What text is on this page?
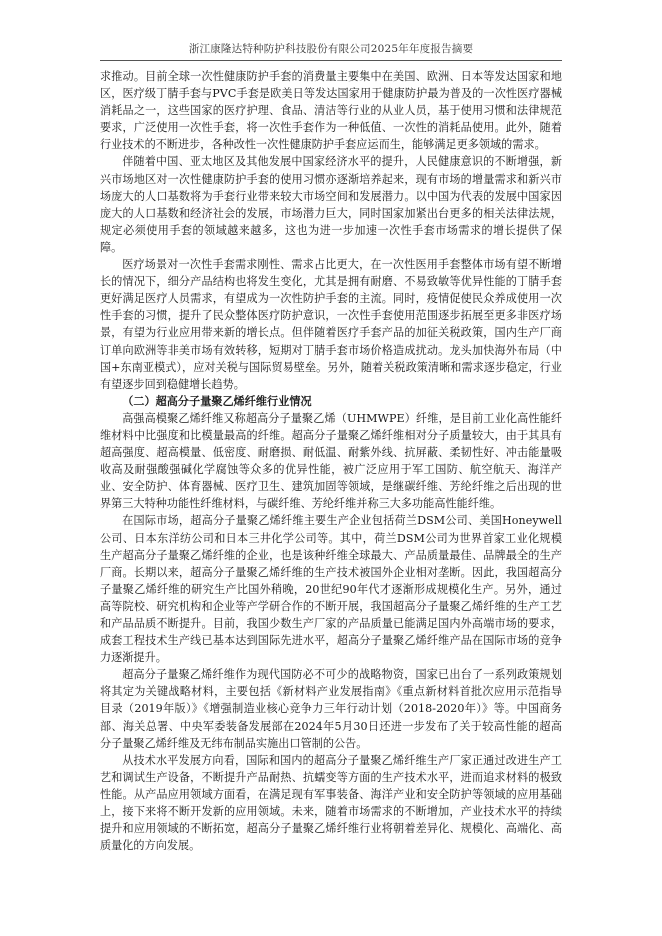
浙江康隆达特种防护科技股份有限公司2025年年度报告摘要

求推动。目前全球一次性健康防护手套的消费量主要集中在美国、欧洲、日本等发达国家和地区，医疗级丁腈手套与PVC手套是欧美日等发达国家用于健康防护最为普及的一次性医疗器械消耗品之一，这些国家的医疗护理、食品、清洁等行业的从业人员，基于使用习惯和法律规范要求，广泛使用一次性手套，将一次性手套作为一种低值、一次性的消耗品使用。此外，随着行业技术的不断进步，各种改性一次性健康防护手套应运而生，能够满足更多领域的需求。

伴随着中国、亚太地区及其他发展中国家经济水平的提升，人民健康意识的不断增强，新兴市场地区对一次性健康防护手套的使用习惯亦逐渐培养起来，现有市场的增量需求和新兴市场庞大的人口基数将为手套行业带来较大市场空间和发展潜力。以中国为代表的发展中国家因庞大的人口基数和经济社会的发展，市场潜力巨大，同时国家加紧出台更多的相关法律法规，规定必须使用手套的领域越来越多，这也为进一步加速一次性手套市场需求的增长提供了保障。

医疗场景对一次性手套需求刚性、需求占比更大，在一次性医用手套整体市场有望不断增长的情况下，细分产品结构也将发生变化，尤其是拥有耐磨、不易致敏等优异性能的丁腈手套更好满足医疗人员需求，有望成为一次性防护手套的主流。同时，疫情促使民众养成使用一次性手套的习惯，提升了民众整体医疗防护意识，一次性手套使用范围逐步拓展至更多非医疗场景，有望为行业应用带来新的增长点。但伴随着医疗手套产品的加征关税政策，国内生产厂商订单向欧洲等非美市场有效转移，短期对丁腈手套市场价格造成扰动。龙头加快海外布局（中国+东南亚模式），应对关税与国际贸易壁垒。另外，随着关税政策清晰和需求逐步稳定，行业有望逐步回到稳健增长趋势。

（二）超高分子量聚乙烯纤维行业情况

高强高模聚乙烯纤维又称超高分子量聚乙烯（UHMWPE）纤维，是目前工业化高性能纤维材料中比强度和比模量最高的纤维。超高分子量聚乙烯纤维相对分子质量较大，由于其具有超高强度、超高模量、低密度、耐磨损、耐低温、耐紫外线、抗屏蔽、柔韧性好、冲击能量吸收高及耐强酸强碱化学腐蚀等众多的优异性能，被广泛应用于军工国防、航空航天、海洋产业、安全防护、体育器械、医疗卫生、建筑加固等领域，是继碳纤维、芳纶纤维之后出现的世界第三大特种功能性纤维材料，与碳纤维、芳纶纤维并称三大多功能高性能纤维。

在国际市场，超高分子量聚乙烯纤维主要生产企业包括荷兰DSM公司、美国Honeywell公司、日本东洋纺公司和日本三井化学公司等。其中，荷兰DSM公司为世界首家工业化规模生产超高分子量聚乙烯纤维的企业，也是该种纤维全球最大、产品质量最佳、品牌最全的生产厂商。长期以来，超高分子量聚乙烯纤维的生产技术被国外企业相对垄断。因此，我国超高分子量聚乙烯纤维的研究生产比国外稍晚，20世纪90年代才逐渐形成规模化生产。另外，通过高等院校、研究机构和企业等产学研合作的不断开展，我国超高分子量聚乙烯纤维的生产工艺和产品品质不断提升。目前，我国少数生产厂家的产品质量已能满足国内外高端市场的要求，成套工程技术生产线已基本达到国际先进水平，超高分子量聚乙烯纤维产品在国际市场的竞争力逐渐提升。

超高分子量聚乙烯纤维作为现代国防必不可少的战略物资，国家已出台了一系列政策规划将其定为关键战略材料，主要包括《新材料产业发展指南》《重点新材料首批次应用示范指导目录（2019年版）》《增强制造业核心竞争力三年行动计划（2018-2020年）》等。中国商务部、海关总署、中央军委装备发展部在2024年5月30日还进一步发布了关于较高性能的超高分子量聚乙烯纤维及无纬布制品实施出口管制的公告。

从技术水平发展方向看，国际和国内的超高分子量聚乙烯纤维生产厂家正通过改进生产工艺和调试生产设备，不断提升产品耐热、抗蠕变等方面的生产技术水平，进而追求材料的极致性能。从产品应用领域方面看，在满足现有军事装备、海洋产业和安全防护等领域的应用基础上，接下来将不断开发新的应用领域。未来，随着市场需求的不断增加，产业技术水平的持续提升和应用领域的不断拓宽，超高分子量聚乙烯纤维行业将朝着差异化、规模化、高端化、高质量化的方向发展。
